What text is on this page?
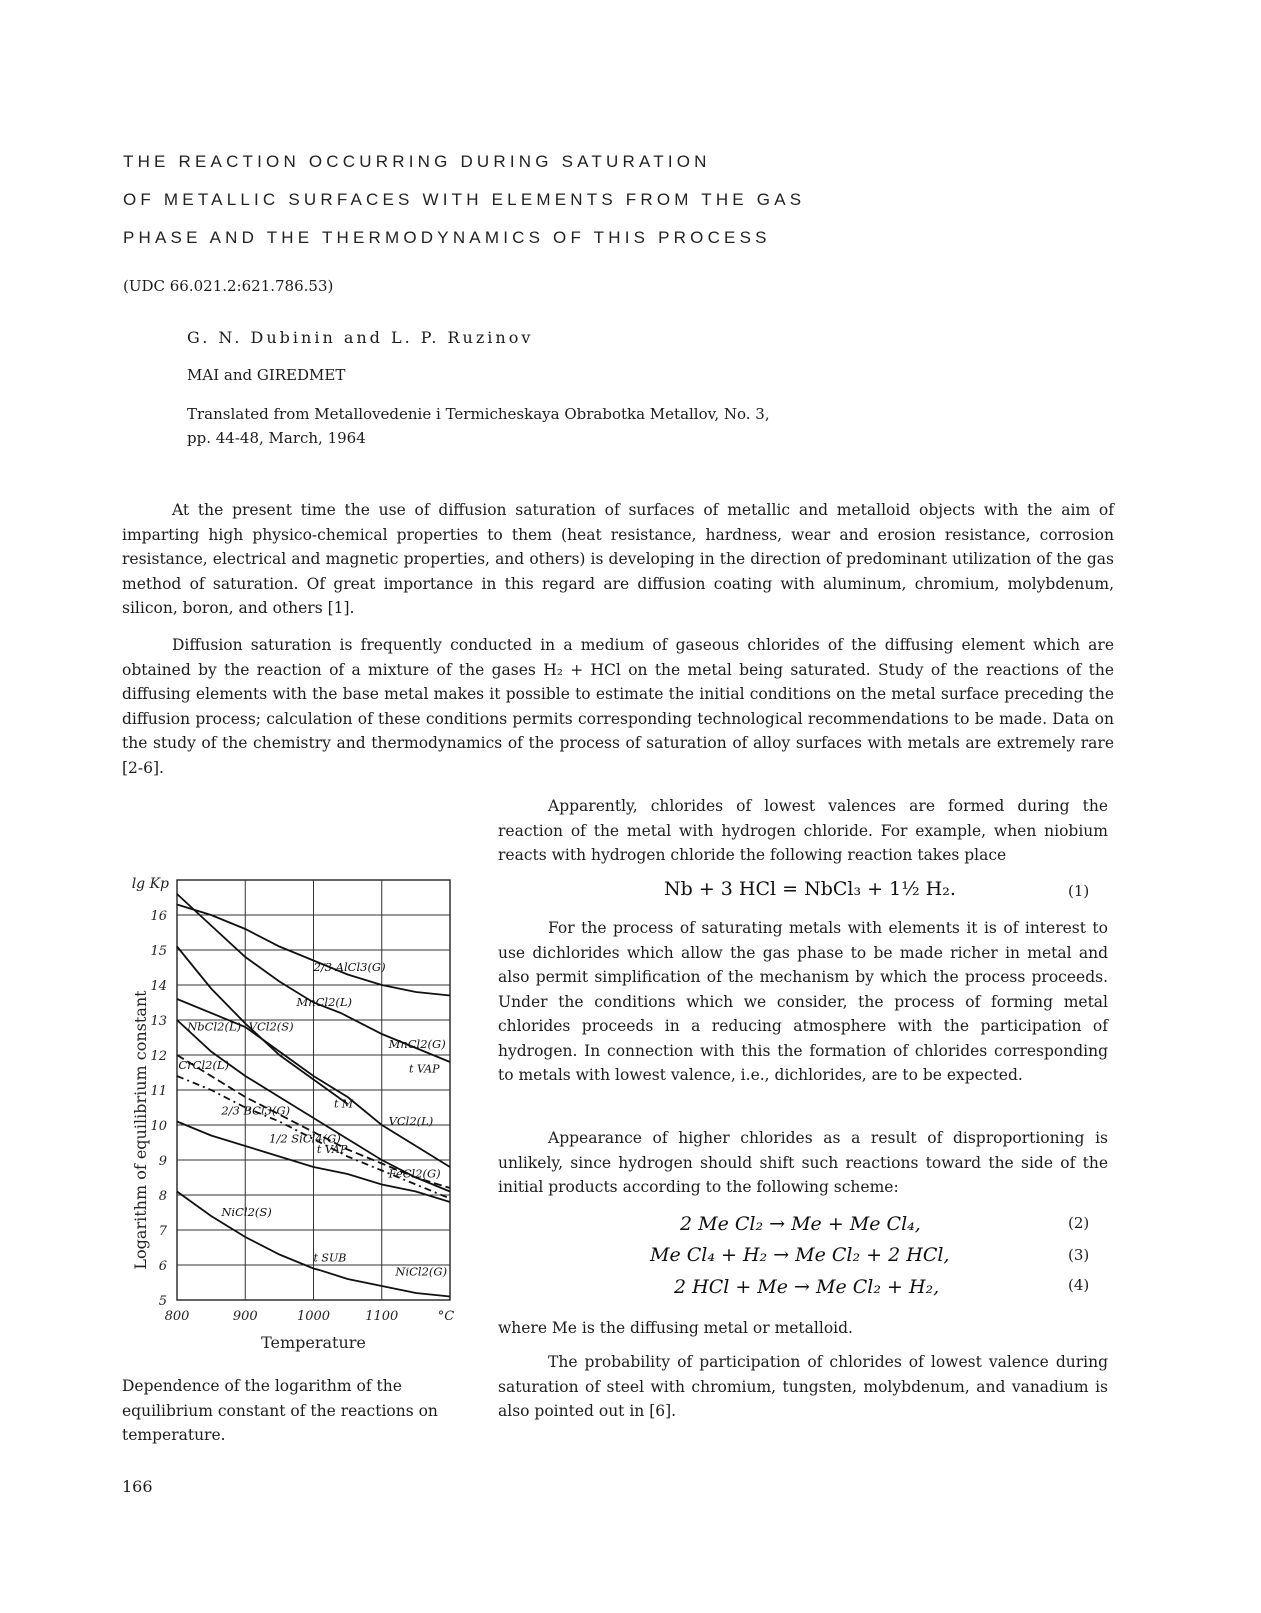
THE REACTION OCCURRING DURING SATURATION
OF METALLIC SURFACES WITH ELEMENTS FROM THE GAS
PHASE AND THE THERMODYNAMICS OF THIS PROCESS
(UDC 66.021.2:621.786.53)
G. N. Dubinin and L. P. Ruzinov
MAI and GIREDMET
Translated from Metallovedenie i Termicheskaya Obrabotka Metallov, No. 3,
pp. 44-48, March, 1964

At the present time the use of diffusion saturation of surfaces of metallic and metalloid objects with the aim of imparting high physico-chemical properties to them (heat resistance, hardness, wear and erosion resistance, corrosion resistance, electrical and magnetic properties, and others) is developing in the direction of predominant utilization of the gas method of saturation. Of great importance in this regard are diffusion coating with aluminum, chromium, molybdenum, silicon, boron, and others [1].

Diffusion saturation is frequently conducted in a medium of gaseous chlorides of the diffusing element which are obtained by the reaction of a mixture of the gases H₂ + HCl on the metal being saturated. Study of the reactions of the diffusing elements with the base metal makes it possible to estimate the initial conditions on the metal surface preceding the diffusion process; calculation of these conditions permits corresponding technological recommendations to be made. Data on the study of the chemistry and thermodynamics of the process of saturation of alloy surfaces with metals are extremely rare [2-6].

Apparently, chlorides of lowest valences are formed during the reaction of the metal with hydrogen chloride. For example, when niobium reacts with hydrogen chloride the following reaction takes place

Nb + 3 HCl = NbCl₃ + 1½ H₂.	(1)

For the process of saturating metals with elements it is of interest to use dichlorides which allow the gas phase to be made richer in metal and also permit simplification of the mechanism by which the process proceeds. Under the conditions which we consider, the process of forming metal chlorides proceeds in a reducing atmosphere with the participation of hydrogen. In connection with this the formation of chlorides corresponding to metals with lowest valence, i.e., dichlorides, are to be expected.

Appearance of higher chlorides as a result of disproportioning is unlikely, since hydrogen should shift such reactions toward the side of the initial products according to the following scheme:

2 Me Cl₂ → Me + Me Cl₄,	(2)
Me Cl₄ + H₂ → Me Cl₂ + 2 HCl,	(3)
2 HCl + Me → Me Cl₂ + H₂,	(4)

where Me is the diffusing metal or metalloid.

The probability of participation of chlorides of lowest valence during saturation of steel with chromium, tungsten, molybdenum, and vanadium is also pointed out in [6].

800	900	1000	1100	°C
5
6
7
8
9
10
11
12
13
14
15
16
Temperature
Logarithm of equilibrium constant
lg Kp
2/3 AlCl3(G)
MnCl2(L)
MnCl2(G)
NbCl2(L) VCl2(S)
VCl2(L)
CrCl2(L)
2/3 BCl3(G)
1/2 SiCl4(G)
FeCl2(G)
NiCl2(S)
NiCl2(G)
t VAP
t M
t VAP
t SUB

Dependence of the logarithm of the equilibrium constant of the reactions on temperature.

166
